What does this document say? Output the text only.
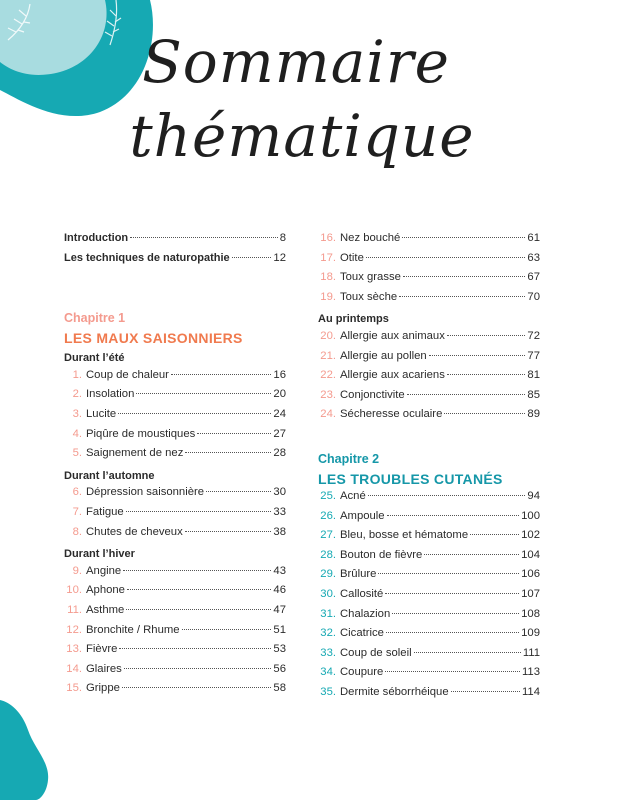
Sommaire
thématique
Introduction	8
Les techniques de naturopathie	12
Chapitre 1
LES MAUX SAISONNIERS
Durant l’été
1. Coup de chaleur	16
2. Insolation	20
3. Lucite	24
4. Piqûre de moustiques	27
5. Saignement de nez	28
Durant l’automne
6. Dépression saisonnière	30
7. Fatigue	33
8. Chutes de cheveux	38
Durant l’hiver
9. Angine	43
10. Aphone	46
11. Asthme	47
12. Bronchite / Rhume	51
13. Fièvre	53
14. Glaires	56
15. Grippe	58
16. Nez bouché	61
17. Otite	63
18. Toux grasse	67
19. Toux sèche	70
Au printemps
20. Allergie aux animaux	72
21. Allergie au pollen	77
22. Allergie aux acariens	81
23. Conjonctivite	85
24. Sécheresse oculaire	89
Chapitre 2
LES TROUBLES CUTANÉS
25. Acné	94
26. Ampoule	100
27. Bleu, bosse et hématome	102
28. Bouton de fièvre	104
29. Brûlure	106
30. Callosité	107
31. Chalazion	108
32. Cicatrice	109
33. Coup de soleil	111
34. Coupure	113
35. Dermite séborrhéique	114
